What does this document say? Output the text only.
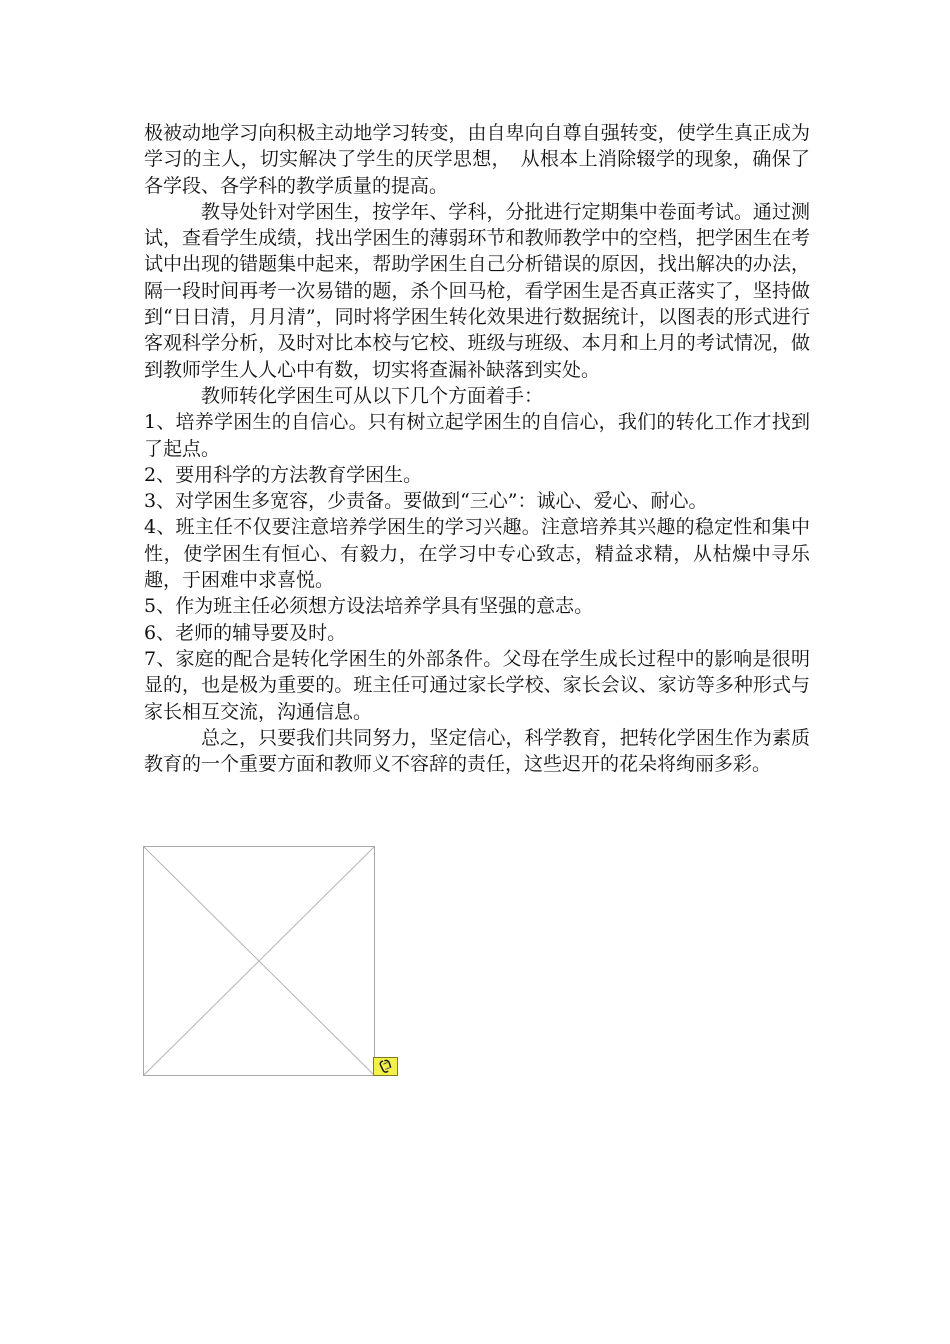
极被动地学习向积极主动地学习转变，由自卑向自尊自强转变，使学生真正成为学习的主人，切实解决了学生的厌学思想，　从根本上消除辍学的现象，确保了各学段、各学科的教学质量的提高。

教导处针对学困生，按学年、学科，分批进行定期集中卷面考试。通过测试，查看学生成绩，找出学困生的薄弱环节和教师教学中的空档，把学困生在考试中出现的错题集中起来，帮助学困生自己分析错误的原因，找出解决的办法，隔一段时间再考一次易错的题，杀个回马枪，看学困生是否真正落实了，坚持做到“日日清，月月清”，同时将学困生转化效果进行数据统计，以图表的形式进行客观科学分析，及时对比本校与它校、班级与班级、本月和上月的考试情况，做到教师学生人人心中有数，切实将查漏补缺落到实处。

教师转化学困生可从以下几个方面着手：

1、培养学困生的自信心。只有树立起学困生的自信心，我们的转化工作才找到了起点。

2、要用科学的方法教育学困生。

3、对学困生多宽容，少责备。要做到“三心”：诚心、爱心、耐心。

4、班主任不仅要注意培养学困生的学习兴趣。注意培养其兴趣的稳定性和集中性，使学困生有恒心、有毅力，在学习中专心致志，精益求精，从枯燥中寻乐趣，于困难中求喜悦。

5、作为班主任必须想方设法培养学具有坚强的意志。

6、老师的辅导要及时。

7、家庭的配合是转化学困生的外部条件。父母在学生成长过程中的影响是很明显的，也是极为重要的。班主任可通过家长学校、家长会议、家访等多种形式与家长相互交流，沟通信息。

总之，只要我们共同努力，坚定信心，科学教育，把转化学困生作为素质教育的一个重要方面和教师义不容辞的责任，这些迟开的花朵将绚丽多彩。
